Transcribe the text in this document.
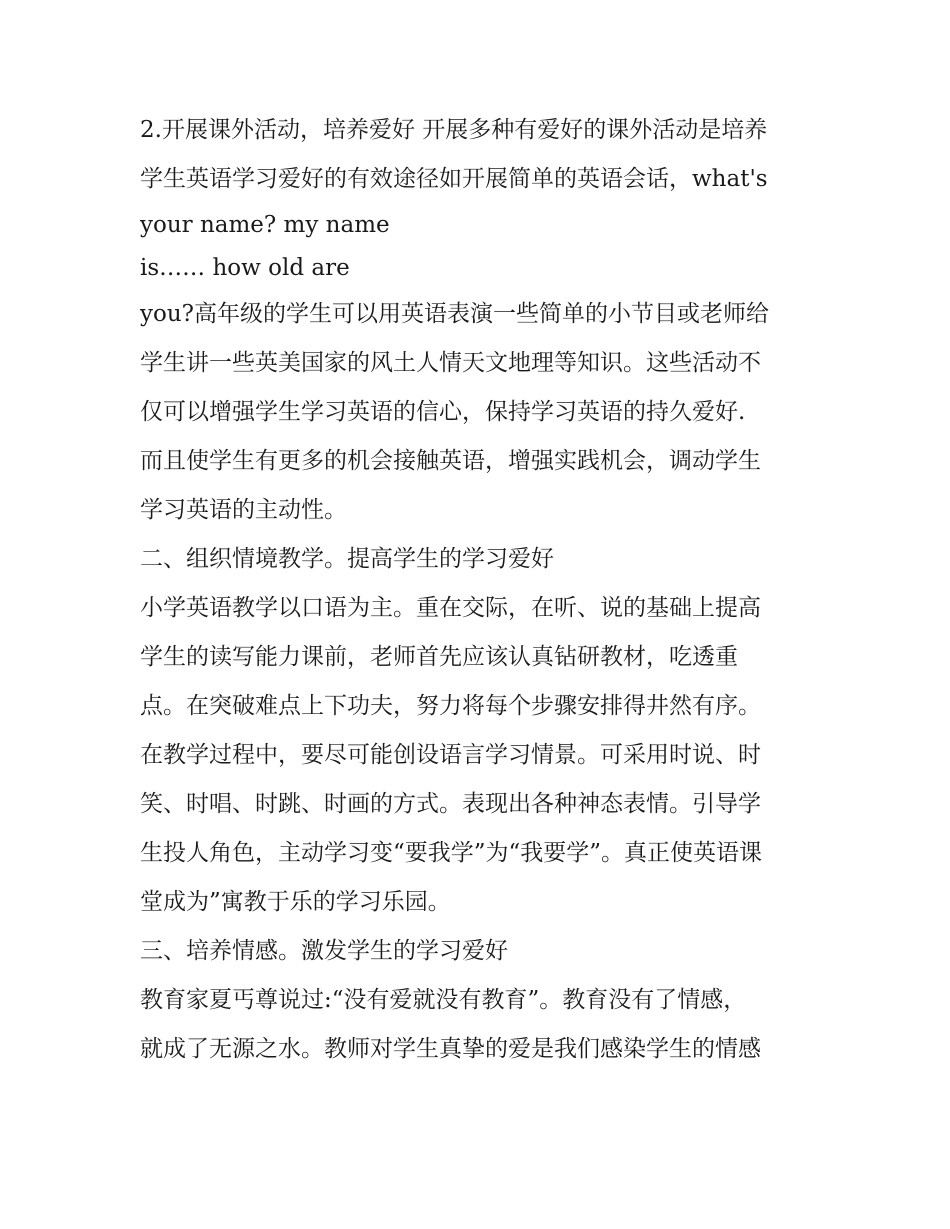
2.开展课外活动，培养爱好 开展多种有爱好的课外活动是培养
学生英语学习爱好的有效途径如开展简单的英语会话，what's
your name? my name
is…… how old are
you?高年级的学生可以用英语表演一些简单的小节目或老师给
学生讲一些英美国家的风土人情天文地理等知识。这些活动不
仅可以增强学生学习英语的信心，保持学习英语的持久爱好.
而且使学生有更多的机会接触英语，增强实践机会，调动学生
学习英语的主动性。
二、组织情境教学。提高学生的学习爱好
小学英语教学以口语为主。重在交际，在听、说的基础上提高
学生的读写能力课前，老师首先应该认真钻研教材，吃透重
点。在突破难点上下功夫，努力将每个步骤安排得井然有序。
在教学过程中，要尽可能创设语言学习情景。可采用时说、时
笑、时唱、时跳、时画的方式。表现出各种神态表情。引导学
生投人角色，主动学习变“要我学”为“我要学”。真正使英语课
堂成为”寓教于乐的学习乐园。
三、培养情感。激发学生的学习爱好
教育家夏丐尊说过:“没有爱就没有教育”。教育没有了情感，
就成了无源之水。教师对学生真挚的爱是我们感染学生的情感
